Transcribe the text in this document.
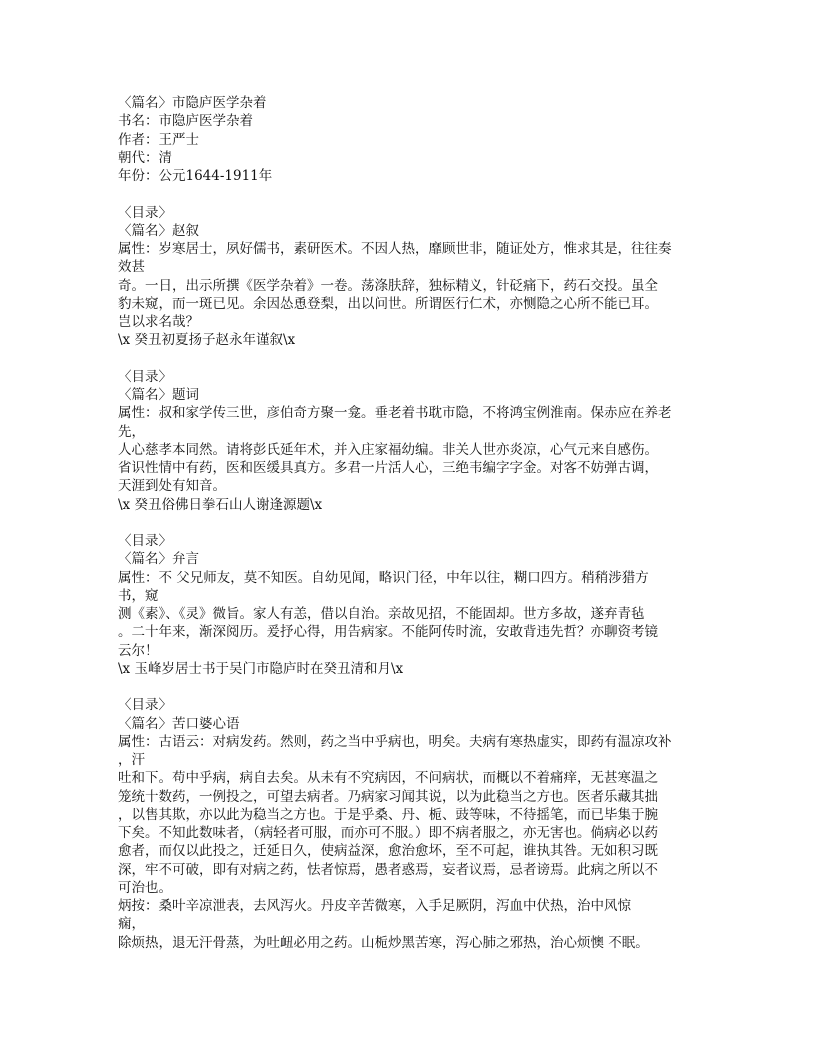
〈篇名〉市隐庐医学杂着
书名：市隐庐医学杂着
作者：王严士
朝代：清
年份：公元1644-1911年
〈目录〉
〈篇名〉赵叙
属性：岁寒居士，夙好儒书，素研医术。不因人热，靡顾世非，随证处方，惟求其是，往往奏
效甚
奇。一日，出示所撰《医学杂着》一卷。荡涤肤辞，独标精义，针砭痛下，药石交投。虽全
豹未窥，而一斑已见。余因怂恿登梨，出以问世。所谓医行仁术，亦恻隐之心所不能已耳。
岂以求名哉？
\x 癸丑初夏扬子赵永年谨叙\x
〈目录〉
〈篇名〉题词
属性：叔和家学传三世，彦伯奇方聚一龛。垂老着书耽市隐，不将鸿宝例淮南。保赤应在养老
先，
人心慈孝本同然。请将彭氏延年术，并入庄家福幼编。非关人世亦炎凉，心气元来自感伤。
省识性情中有药，医和医缓具真方。多君一片活人心，三绝韦编字字金。对客不妨弹古调，
天涯到处有知音。
\x 癸丑俗佛日拳石山人谢逢源题\x
〈目录〉
〈篇名〉弁言
属性：不 父兄师友，莫不知医。自幼见闻，略识门径，中年以往，糊口四方。稍稍涉猎方
书，窥
测《素》、《灵》微旨。家人有恙，借以自治。亲故见招，不能固却。世方多故，遂弃青毡
。二十年来，渐深阅历。爰抒心得，用告病家。不能阿传时流，安敢背违先哲？亦聊资考镜
云尔！
\x 玉峰岁居士书于吴门市隐庐时在癸丑清和月\x
〈目录〉
〈篇名〉苦口婆心语
属性：古语云：对病发药。然则，药之当中乎病也，明矣。夫病有寒热虚实，即药有温凉攻补
，汗
吐和下。苟中乎病，病自去矣。从未有不究病因，不问病状，而概以不着痛痒，无甚寒温之
笼统十数药，一例投之，可望去病者。乃病家习闻其说，以为此稳当之方也。医者乐藏其拙
，以售其欺，亦以此为稳当之方也。于是乎桑、丹、栀、豉等味，不待摇笔，而已毕集于腕
下矣。不知此数味者，（病轻者可服，而亦可不服。）即不病者服之，亦无害也。倘病必以药
愈者，而仅以此投之，迁延日久，使病益深，愈治愈坏，至不可起，谁执其咎。无如积习既
深，牢不可破，即有对病之药，怯者惊焉，愚者惑焉，妄者议焉，忌者谤焉。此病之所以不
可治也。
炳按：桑叶辛凉泄表，去风泻火。丹皮辛苦微寒，入手足厥阴，泻血中伏热，治中风惊
痫，
除烦热，退无汗骨蒸，为吐衄必用之药。山栀炒黑苦寒，泻心肺之邪热，治心烦懊 不眠。
